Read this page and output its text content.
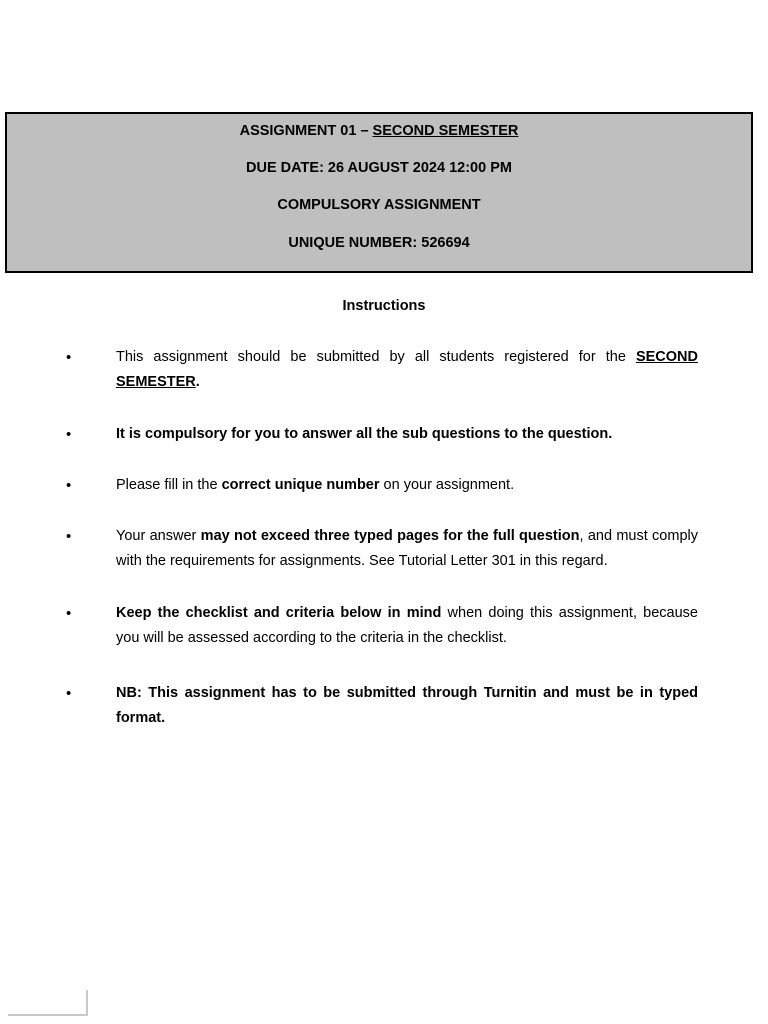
ASSIGNMENT 01 – SECOND SEMESTER
DUE DATE: 26 AUGUST 2024 12:00 PM
COMPULSORY ASSIGNMENT
UNIQUE NUMBER: 526694
Instructions
•	This assignment should be submitted by all students registered for the SECOND SEMESTER.
•	It is compulsory for you to answer all the sub questions to the question.
•	Please fill in the correct unique number on your assignment.
•	Your answer may not exceed three typed pages for the full question, and must comply with the requirements for assignments. See Tutorial Letter 301 in this regard.
•	Keep the checklist and criteria below in mind when doing this assignment, because you will be assessed according to the criteria in the checklist.
•	NB: This assignment has to be submitted through Turnitin and must be in typed format.
